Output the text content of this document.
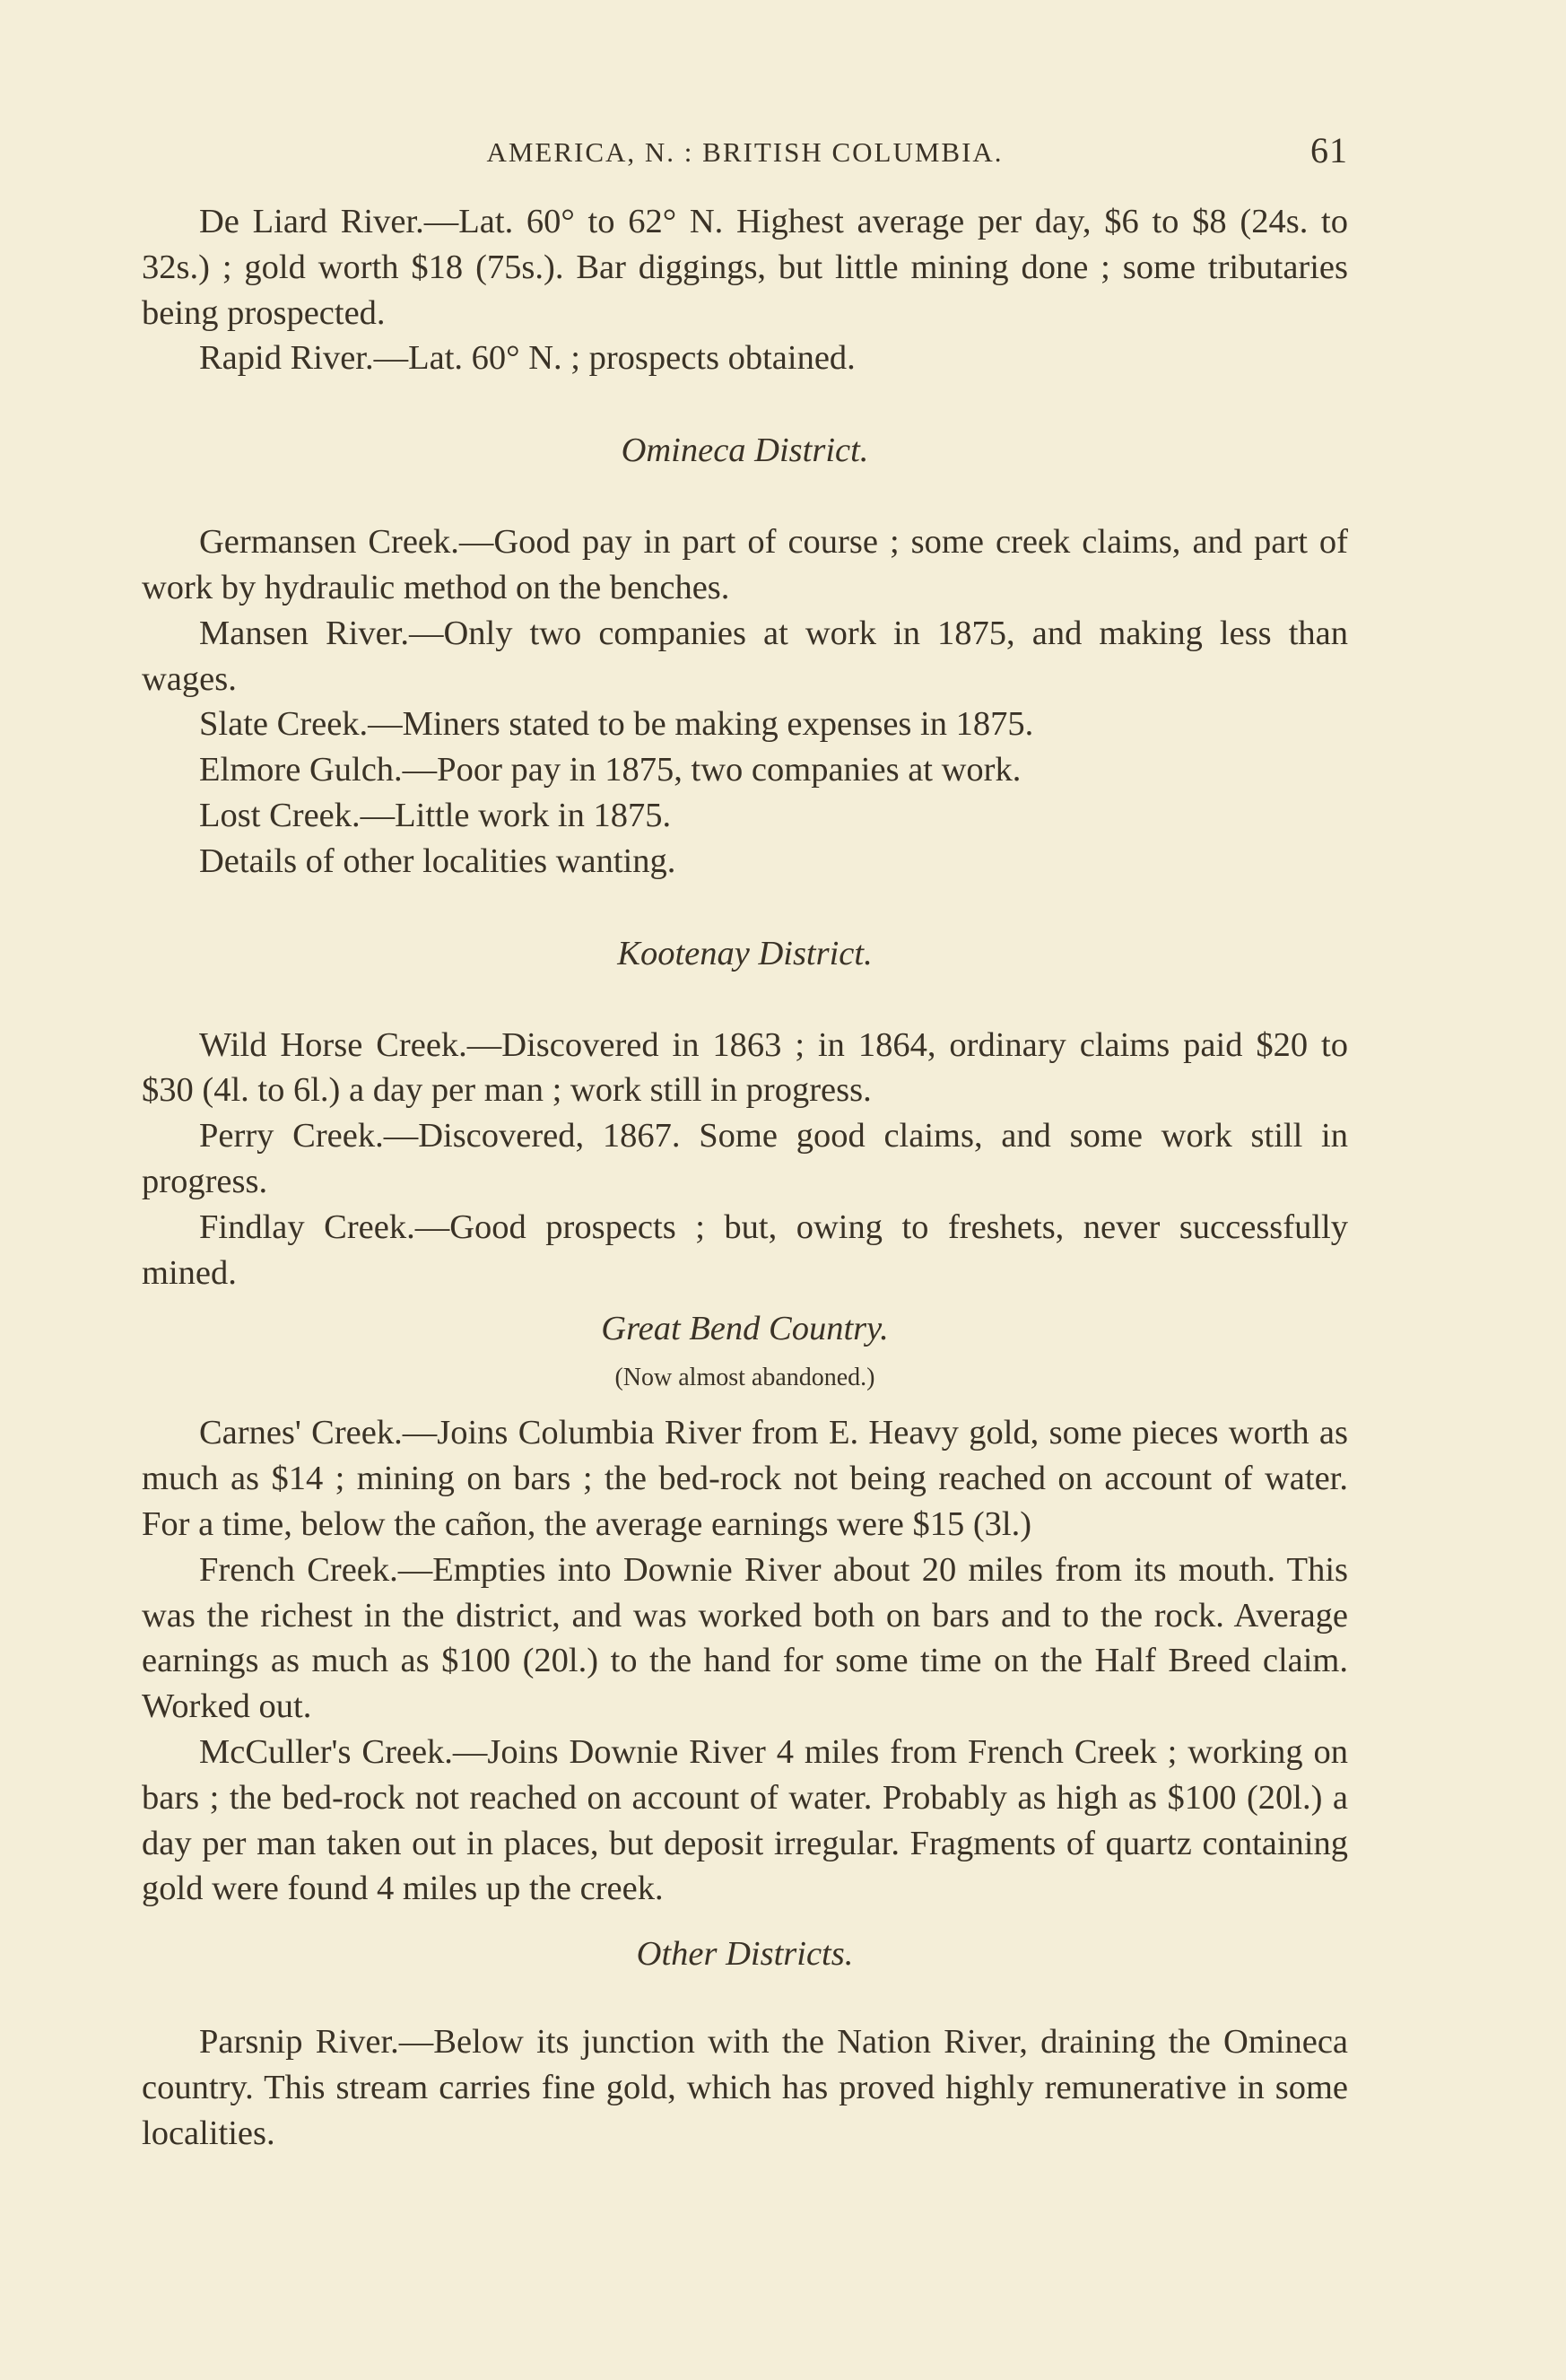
AMERICA, N. : BRITISH COLUMBIA.	61

De Liard River.—Lat. 60° to 62° N. Highest average per day, $6 to $8 (24s. to 32s.) ; gold worth $18 (75s.). Bar diggings, but little mining done ; some tributaries being prospected.

Rapid River.—Lat. 60° N. ; prospects obtained.

Omineca District.

Germansen Creek.—Good pay in part of course ; some creek claims, and part of work by hydraulic method on the benches.

Mansen River.—Only two companies at work in 1875, and making less than wages.

Slate Creek.—Miners stated to be making expenses in 1875.

Elmore Gulch.—Poor pay in 1875, two companies at work.

Lost Creek.—Little work in 1875.

Details of other localities wanting.

Kootenay District.

Wild Horse Creek.—Discovered in 1863 ; in 1864, ordinary claims paid $20 to $30 (4l. to 6l.) a day per man ; work still in progress.

Perry Creek.—Discovered, 1867. Some good claims, and some work still in progress.

Findlay Creek.—Good prospects ; but, owing to freshets, never successfully mined.

Great Bend Country.
(Now almost abandoned.)

Carnes' Creek.—Joins Columbia River from E. Heavy gold, some pieces worth as much as $14 ; mining on bars ; the bed-rock not being reached on account of water. For a time, below the cañon, the average earnings were $15 (3l.)

French Creek.—Empties into Downie River about 20 miles from its mouth. This was the richest in the district, and was worked both on bars and to the rock. Average earnings as much as $100 (20l.) to the hand for some time on the Half Breed claim. Worked out.

McCuller's Creek.—Joins Downie River 4 miles from French Creek ; working on bars ; the bed-rock not reached on account of water. Probably as high as $100 (20l.) a day per man taken out in places, but deposit irregular. Fragments of quartz containing gold were found 4 miles up the creek.

Other Districts.

Parsnip River.—Below its junction with the Nation River, draining the Omineca country. This stream carries fine gold, which has proved highly remunerative in some localities.
